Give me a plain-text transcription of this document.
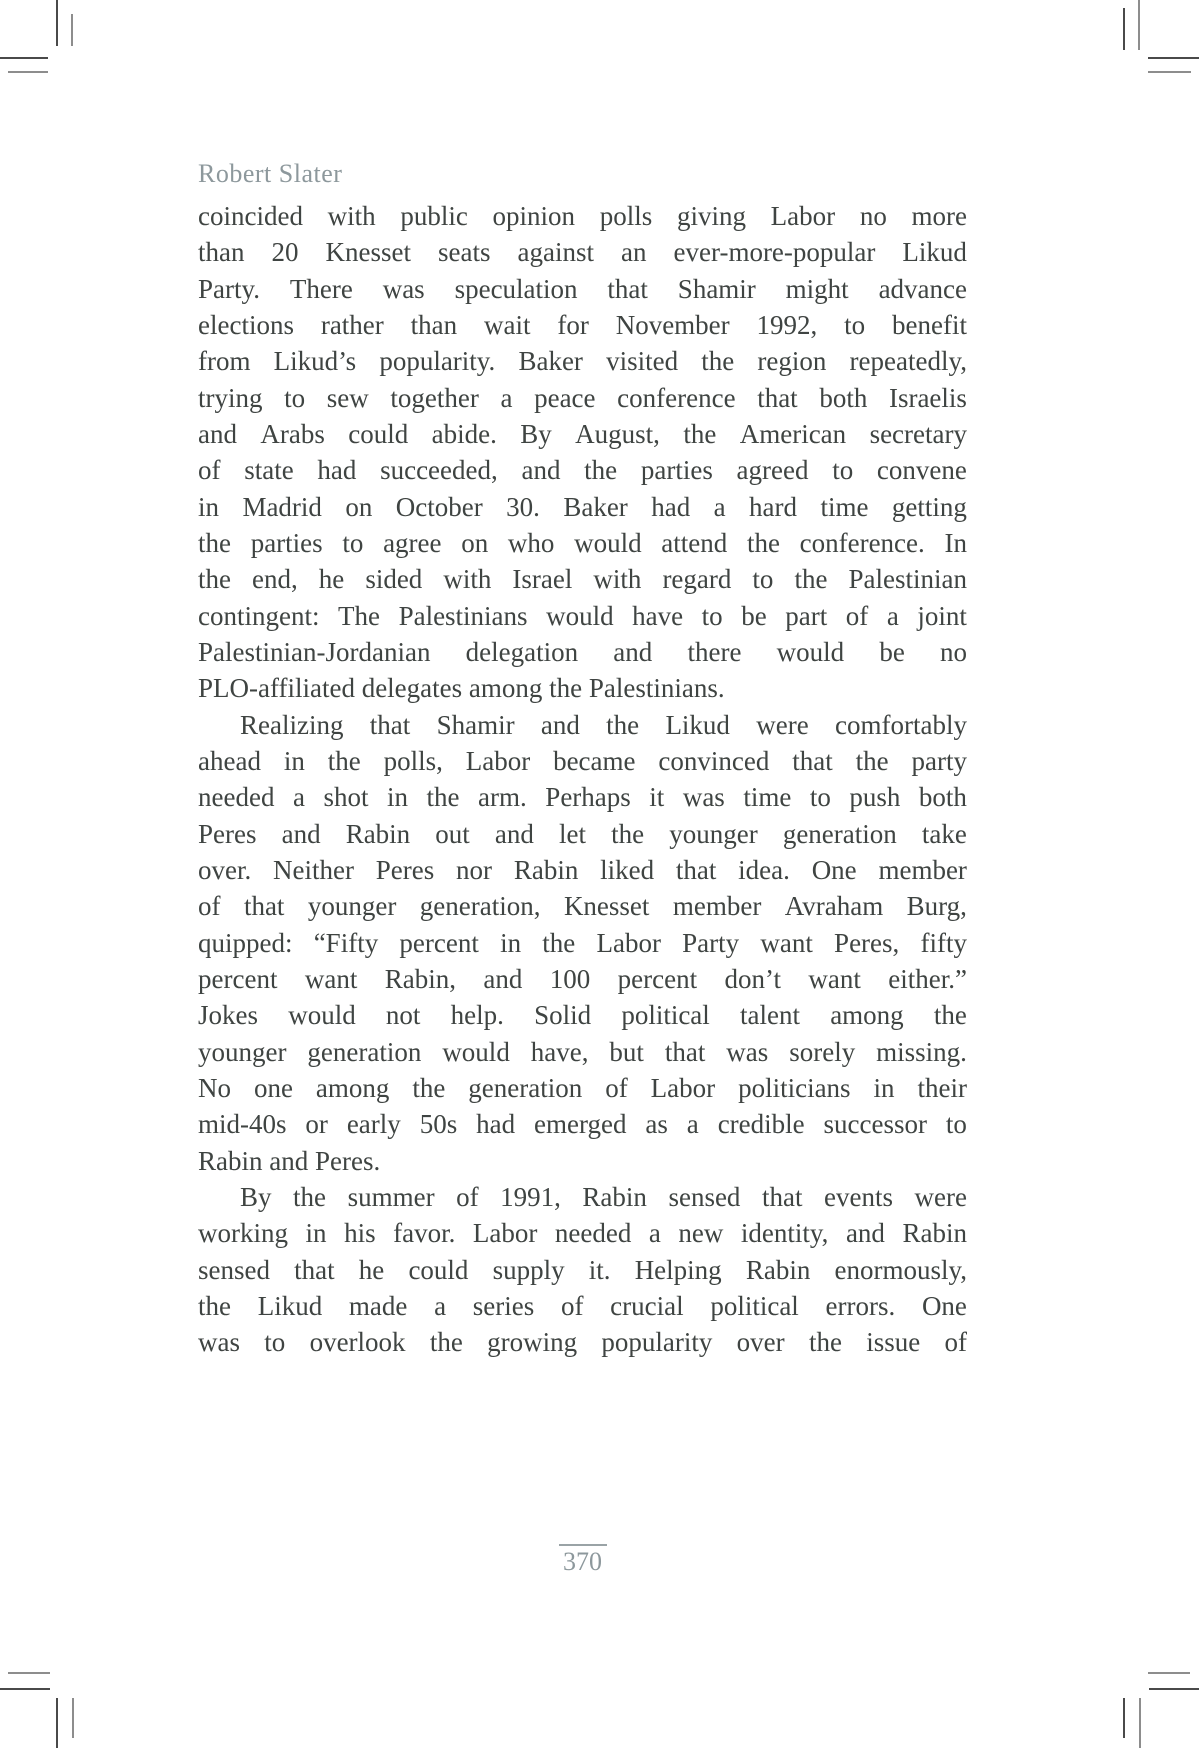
Robert Slater
coincided with public opinion polls giving Labor no more
than 20 Knesset seats against an ever-more-popular Likud
Party. There was speculation that Shamir might advance
elections rather than wait for November 1992, to benefit
from Likud’s popularity. Baker visited the region repeatedly,
trying to sew together a peace conference that both Israelis
and Arabs could abide. By August, the American secretary
of state had succeeded, and the parties agreed to convene
in Madrid on October 30. Baker had a hard time getting
the parties to agree on who would attend the conference. In
the end, he sided with Israel with regard to the Palestinian
contingent: The Palestinians would have to be part of a joint
Palestinian-Jordanian delegation and there would be no
PLO-affiliated delegates among the Palestinians.
Realizing that Shamir and the Likud were comfortably
ahead in the polls, Labor became convinced that the party
needed a shot in the arm. Perhaps it was time to push both
Peres and Rabin out and let the younger generation take
over. Neither Peres nor Rabin liked that idea. One member
of that younger generation, Knesset member Avraham Burg,
quipped: “Fifty percent in the Labor Party want Peres, fifty
percent want Rabin, and 100 percent don’t want either.”
Jokes would not help. Solid political talent among the
younger generation would have, but that was sorely missing.
No one among the generation of Labor politicians in their
mid-40s or early 50s had emerged as a credible successor to
Rabin and Peres.
By the summer of 1991, Rabin sensed that events were
working in his favor. Labor needed a new identity, and Rabin
sensed that he could supply it. Helping Rabin enormously,
the Likud made a series of crucial political errors. One
was to overlook the growing popularity over the issue of
370
